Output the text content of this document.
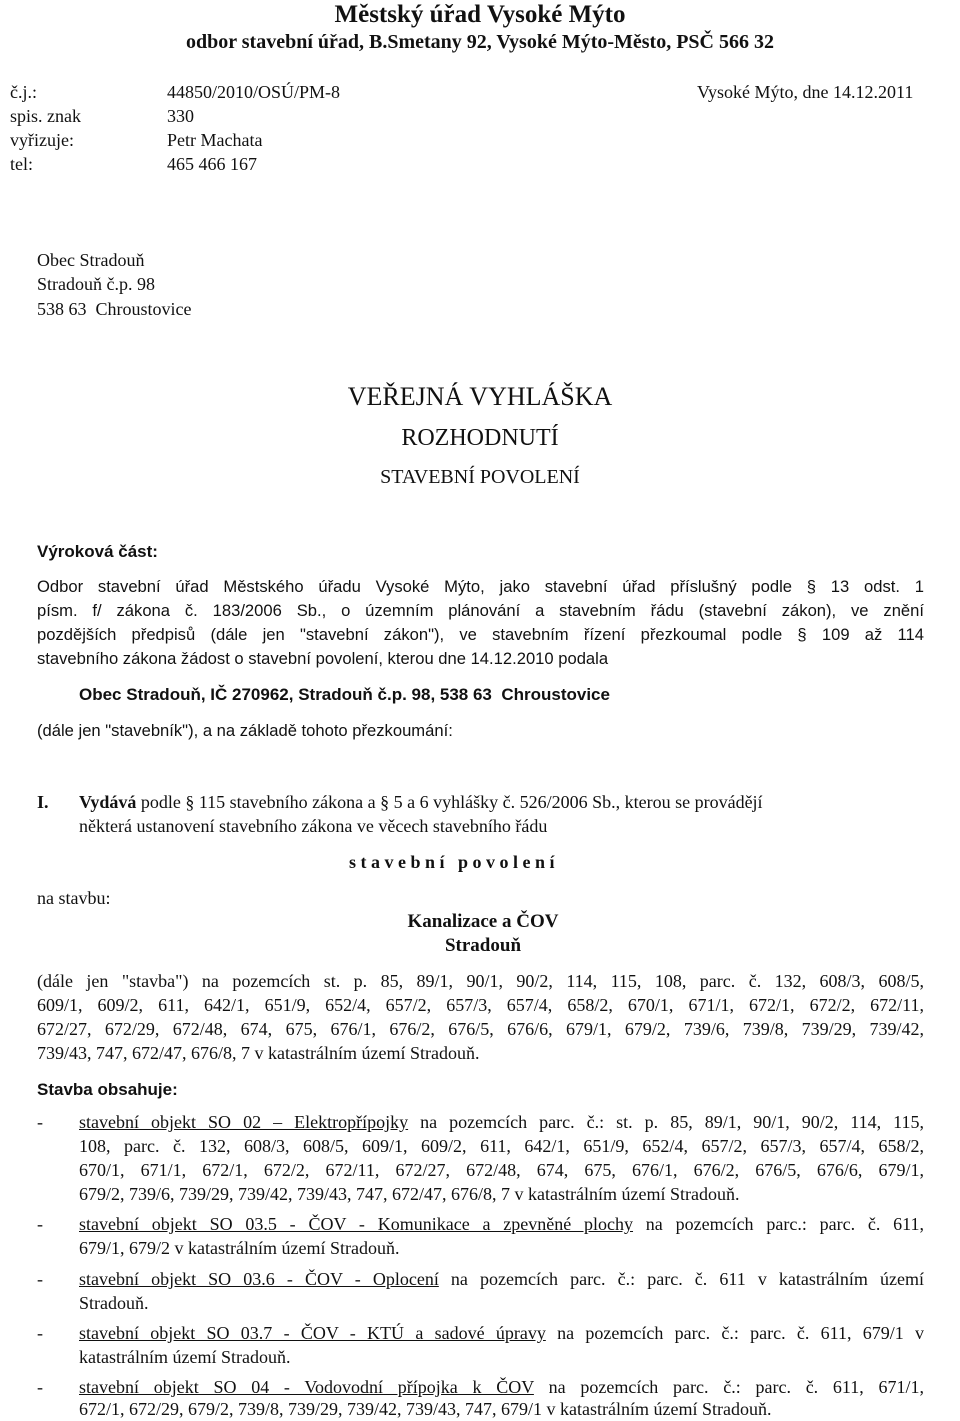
Městský úřad Vysoké Mýto
odbor stavební úřad, B.Smetany 92, Vysoké Mýto-Město, PSČ 566 32
č.j.:	44850/2010/OSÚ/PM-8	Vysoké Mýto, dne 14.12.2011
spis. znak	330
vyřizuje:	Petr Machata
tel:	465 466 167
Obec Stradouň
Stradouň č.p. 98
538 63  Chroustovice
VEŘEJNÁ VYHLÁŠKA
ROZHODNUTÍ
STAVEBNÍ POVOLENÍ
Výroková část:
Odbor stavební úřad Městského úřadu Vysoké Mýto, jako stavební úřad příslušný podle § 13 odst. 1
písm. f/ zákona č. 183/2006 Sb., o územním plánování a stavebním řádu (stavební zákon), ve znění
pozdějších předpisů (dále jen "stavební zákon"), ve stavebním řízení přezkoumal podle § 109 až 114
stavebního zákona žádost o stavební povolení, kterou dne 14.12.2010 podala
Obec Stradouň, IČ 270962, Stradouň č.p. 98, 538 63  Chroustovice
(dále jen "stavebník"), a na základě tohoto přezkoumání:
I. Vydává podle § 115 stavebního zákona a § 5 a 6 vyhlášky č. 526/2006 Sb., kterou se provádějí
některá ustanovení stavebního zákona ve věcech stavebního řádu
s t a v e b n í   p o v o l e n í
na stavbu:
Kanalizace a ČOV
Stradouň
(dále jen "stavba") na pozemcích st. p. 85, 89/1, 90/1, 90/2, 114, 115, 108, parc. č. 132, 608/3, 608/5,
609/1, 609/2, 611, 642/1, 651/9, 652/4, 657/2, 657/3, 657/4, 658/2, 670/1, 671/1, 672/1, 672/2, 672/11,
672/27, 672/29, 672/48, 674, 675, 676/1, 676/2, 676/5, 676/6, 679/1, 679/2, 739/6, 739/8, 739/29, 739/42,
739/43, 747, 672/47, 676/8, 7 v katastrálním území Stradouň.
Stavba obsahuje:
- stavební objekt SO 02 – Elektropřípojky na pozemcích parc. č.: st. p. 85, 89/1, 90/1, 90/2, 114, 115,
108, parc. č. 132, 608/3, 608/5, 609/1, 609/2, 611, 642/1, 651/9, 652/4, 657/2, 657/3, 657/4, 658/2,
670/1, 671/1, 672/1, 672/2, 672/11, 672/27, 672/48, 674, 675, 676/1, 676/2, 676/5, 676/6, 679/1,
679/2, 739/6, 739/29, 739/42, 739/43, 747, 672/47, 676/8, 7 v katastrálním území Stradouň.
- stavební objekt SO 03.5 - ČOV - Komunikace a zpevněné plochy na pozemcích parc.: parc. č. 611,
679/1, 679/2 v katastrálním území Stradouň.
- stavební objekt SO 03.6 - ČOV - Oplocení na pozemcích parc. č.: parc. č. 611 v katastrálním území
Stradouň.
- stavební objekt SO 03.7 - ČOV - KTÚ a sadové úpravy na pozemcích parc. č.: parc. č. 611, 679/1 v
katastrálním území Stradouň.
- stavební objekt SO 04 - Vodovodní přípojka k ČOV na pozemcích parc. č.: parc. č. 611, 671/1,
672/1, 672/29, 679/2, 739/8, 739/29, 739/42, 739/43, 747, 679/1 v katastrálním území Stradouň.
